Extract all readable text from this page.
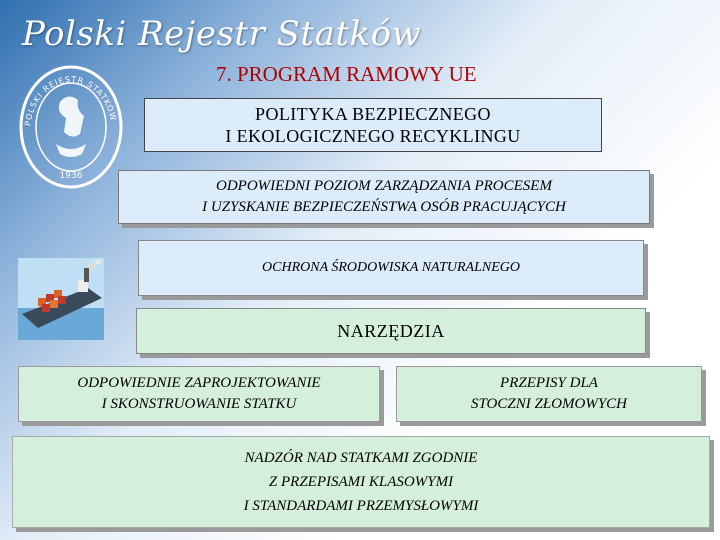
Polski Rejestr Statków
POLSKI REJESTR STATKÓW
1936
7. PROGRAM RAMOWY UE
POLITYKA BEZPIECZNEGO
I EKOLOGICZNEGO RECYKLINGU
ODPOWIEDNI POZIOM ZARZĄDZANIA PROCESEM
I UZYSKANIE BEZPIECZEŃSTWA OSÓB PRACUJĄCYCH
OCHRONA ŚRODOWISKA NATURALNEGO
NARZĘDZIA
ODPOWIEDNIE ZAPROJEKTOWANIE
I SKONSTRUOWANIE STATKU
PRZEPISY DLA
STOCZNI ZŁOMOWYCH
NADZÓR NAD STATKAMI ZGODNIE
Z PRZEPISAMI KLASOWYMI
I STANDARDAMI PRZEMYSŁOWYMI
